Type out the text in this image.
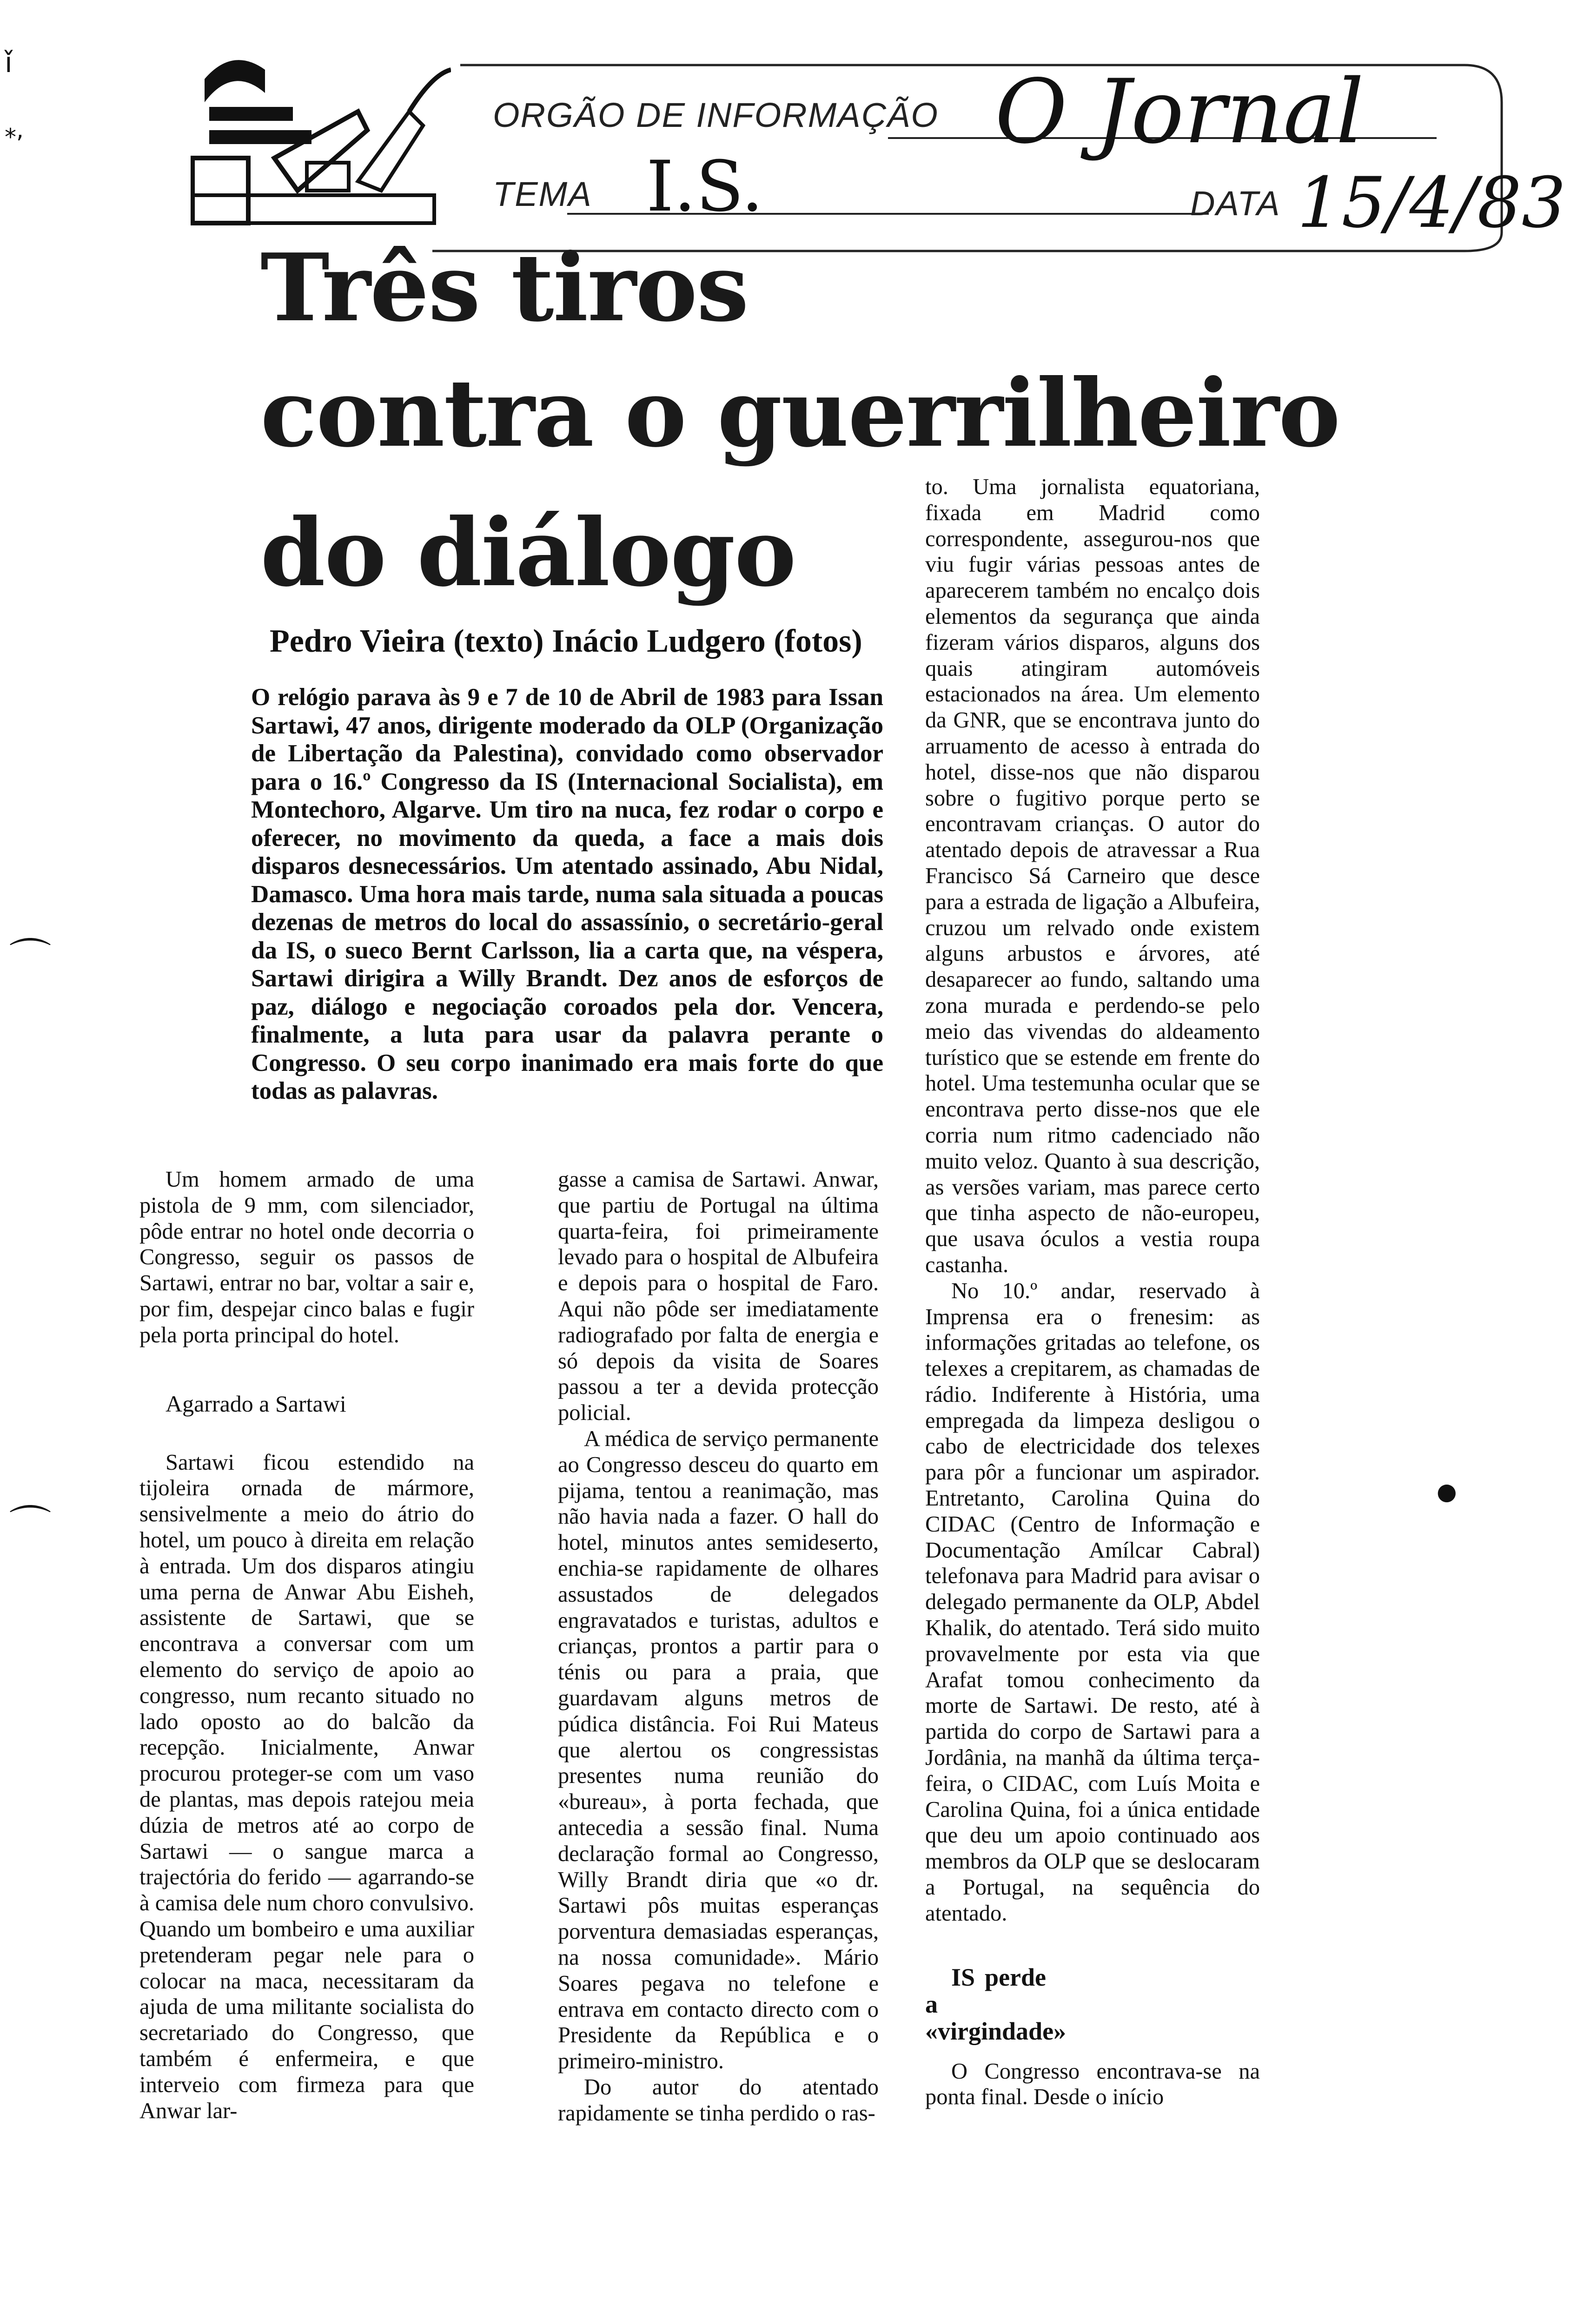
ORGÃO DE INFORMAÇÃO O Jornal
TEMA I.S.	DATA 15/4/83
ǐ
⁎,
⌒
⌒
●
Três tiros
contra o guerrilheiro
do diálogo
Pedro Vieira (texto) Inácio Ludgero (fotos)
O relógio parava às 9 e 7 de 10 de Abril de 1983 para Issan Sartawi, 47 anos, dirigente moderado da OLP (Organização de Libertação da Palestina), convidado como observador para o 16.º Congresso da IS (Internacional Socialista), em Montechoro, Algarve. Um tiro na nuca, fez rodar o corpo e oferecer, no movimento da queda, a face a mais dois disparos desnecessários. Um atentado assinado, Abu Nidal, Damasco. Uma hora mais tarde, numa sala situada a poucas dezenas de metros do local do assassínio, o secretário-geral da IS, o sueco Bernt Carlsson, lia a carta que, na véspera, Sartawi dirigira a Willy Brandt. Dez anos de esforços de paz, diálogo e negociação coroados pela dor. Vencera, finalmente, a luta para usar da palavra perante o Congresso. O seu corpo inanimado era mais forte do que todas as palavras.

Um homem armado de uma pistola de 9 mm, com silenciador, pôde entrar no hotel onde decorria o Congresso, seguir os passos de Sartawi, entrar no bar, voltar a sair e, por fim, despejar cinco balas e fugir pela porta principal do hotel.

Agarrado a Sartawi

Sartawi ficou estendido na tijoleira ornada de mármore, sensivelmente a meio do átrio do hotel, um pouco à direita em relação à entrada. Um dos disparos atingiu uma perna de Anwar Abu Eisheh, assistente de Sartawi, que se encontrava a conversar com um elemento do serviço de apoio ao congresso, num recanto situado no lado oposto ao do balcão da recepção. Inicialmente, Anwar procurou proteger-se com um vaso de plantas, mas depois ratejou meia dúzia de metros até ao corpo de Sartawi — o sangue marca a trajectória do ferido — agarrando-se à camisa dele num choro convulsivo. Quando um bombeiro e uma auxiliar pretenderam pegar nele para o colocar na maca, necessitaram da ajuda de uma militante socialista do secretariado do Congresso, que também é enfermeira, e que interveio com firmeza para que Anwar lar-

gasse a camisa de Sartawi. Anwar, que partiu de Portugal na última quarta-feira, foi primeiramente levado para o hospital de Albufeira e depois para o hospital de Faro. Aqui não pôde ser imediatamente radiografado por falta de energia e só depois da visita de Soares passou a ter a devida protecção policial.

A médica de serviço permanente ao Congresso desceu do quarto em pijama, tentou a reanimação, mas não havia nada a fazer. O hall do hotel, minutos antes semideserto, enchia-se rapidamente de olhares assustados de delegados engravatados e turistas, adultos e crianças, prontos a partir para o ténis ou para a praia, que guardavam alguns metros de púdica distância. Foi Rui Mateus que alertou os congressistas presentes numa reunião do «bureau», à porta fechada, que antecedia a sessão final. Numa declaração formal ao Congresso, Willy Brandt diria que «o dr. Sartawi pôs muitas esperanças porventura demasiadas esperanças, na nossa comunidade». Mário Soares pegava no telefone e entrava em contacto directo com o Presidente da República e o primeiro-ministro.

Do autor do atentado rapidamente se tinha perdido o ras-

to. Uma jornalista equatoriana, fixada em Madrid como correspondente, assegurou-nos que viu fugir várias pessoas antes de aparecerem também no encalço dois elementos da segurança que ainda fizeram vários disparos, alguns dos quais atingiram automóveis estacionados na área. Um elemento da GNR, que se encontrava junto do arruamento de acesso à entrada do hotel, disse-nos que não disparou sobre o fugitivo porque perto se encontravam crianças. O autor do atentado depois de atravessar a Rua Francisco Sá Carneiro que desce para a estrada de ligação a Albufeira, cruzou um relvado onde existem alguns arbustos e árvores, até desaparecer ao fundo, saltando uma zona murada e perdendo-se pelo meio das vivendas do aldeamento turístico que se estende em frente do hotel. Uma testemunha ocular que se encontrava perto disse-nos que ele corria num ritmo cadenciado não muito veloz. Quanto à sua descrição, as versões variam, mas parece certo que tinha aspecto de não-europeu, que usava óculos a vestia roupa castanha.

No 10.º andar, reservado à Imprensa era o frenesim: as informações gritadas ao telefone, os telexes a crepitarem, as chamadas de rádio. Indiferente à História, uma empregada da limpeza desligou o cabo de electricidade dos telexes para pôr a funcionar um aspirador. Entretanto, Carolina Quina do CIDAC (Centro de Informação e Documentação Amílcar Cabral) telefonava para Madrid para avisar o delegado permanente da OLP, Abdel Khalik, do atentado. Terá sido muito provavelmente por esta via que Arafat tomou conhecimento da morte de Sartawi. De resto, até à partida do corpo de Sartawi para a Jordânia, na manhã da última terça-feira, o CIDAC, com Luís Moita e Carolina Quina, foi a única entidade que deu um apoio continuado aos membros da OLP que se deslocaram a Portugal, na sequência do atentado.

IS perde a «virgindade»

O Congresso encontrava-se na ponta final. Desde o início
